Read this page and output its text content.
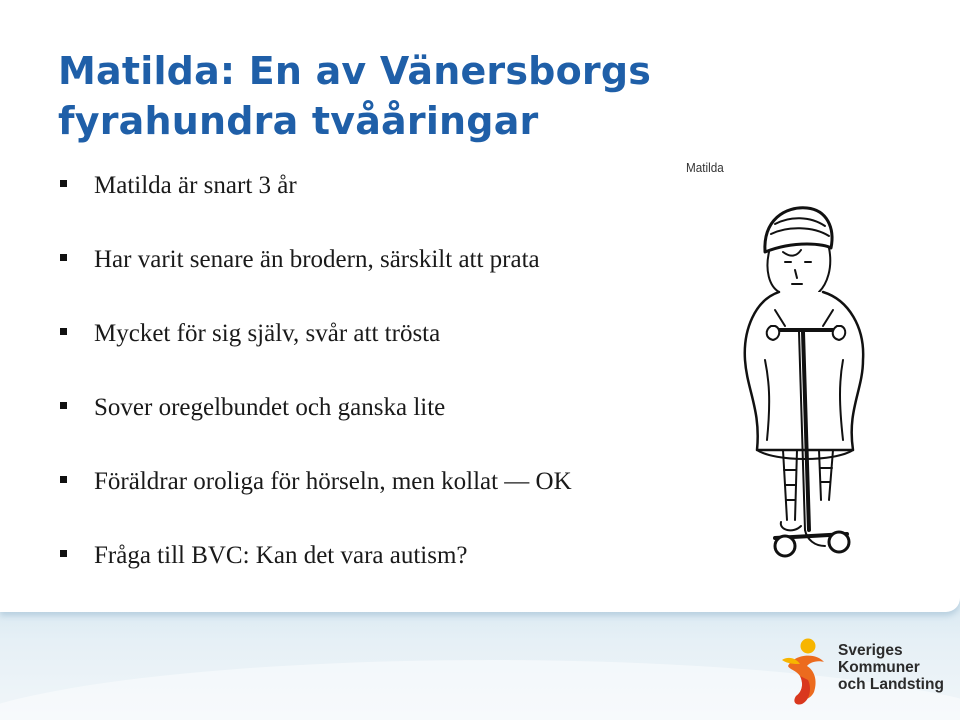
Matilda: En av Vänersborgs
fyrahundra tvååringar
Matilda är snart 3 år
Har varit senare än brodern, särskilt att prata
Mycket för sig själv, svår att trösta
Sover oregelbundet och ganska lite
Föräldrar oroliga för hörseln, men kollat — OK
Fråga till BVC: Kan det vara autism?
Matilda
Sveriges
Kommuner
och Landsting
